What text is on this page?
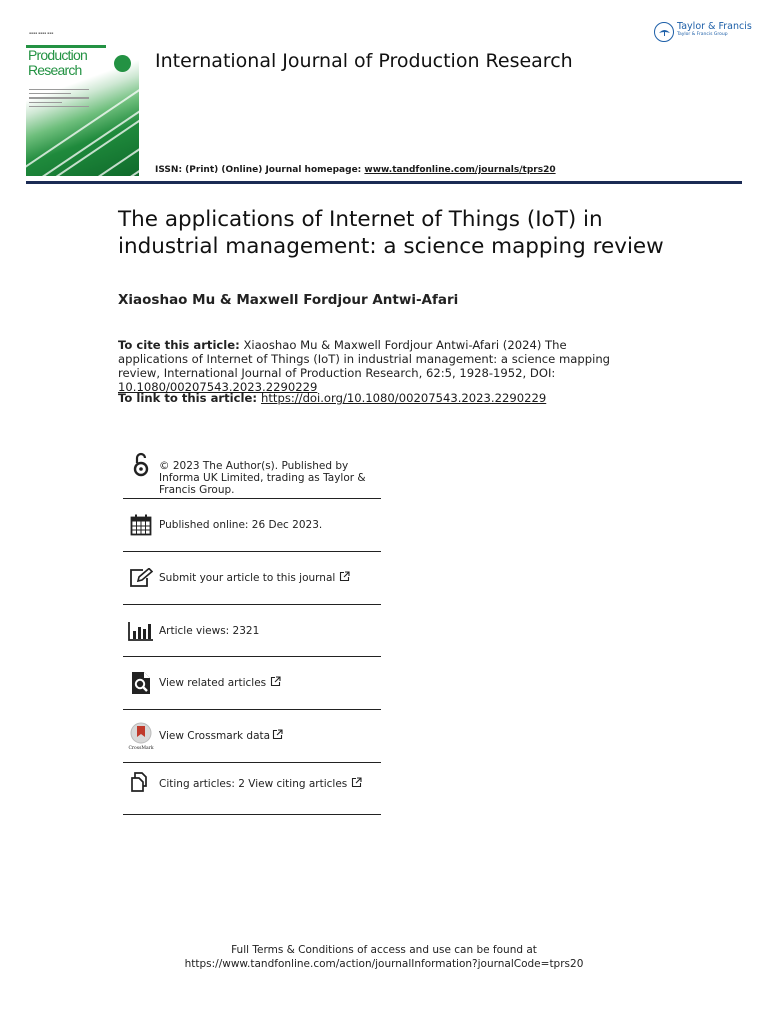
▪▪▪▪ ▪▪▪▪ ▪▪▪
Production
Research	International Journal of Production Research
ISSN: (Print) (Online) Journal homepage: www.tandfonline.com/journals/tprs20
Taylor & Francis
Taylor & Francis Group
The applications of Internet of Things (IoT) in industrial management: a science mapping review
Xiaoshao Mu & Maxwell Fordjour Antwi-Afari
To cite this article: Xiaoshao Mu & Maxwell Fordjour Antwi-Afari (2024) The applications of Internet of Things (IoT) in industrial management: a science mapping review, International Journal of Production Research, 62:5, 1928-1952, DOI: 10.1080/00207543.2023.2290229
To link to this article: https://doi.org/10.1080/00207543.2023.2290229
© 2023 The Author(s). Published by Informa UK Limited, trading as Taylor & Francis Group.
Published online: 26 Dec 2023.
Submit your article to this journal
Article views: 2321
View related articles
CrossMark
View Crossmark data
Citing articles: 2 View citing articles
Full Terms & Conditions of access and use can be found at
https://www.tandfonline.com/action/journalInformation?journalCode=tprs20
